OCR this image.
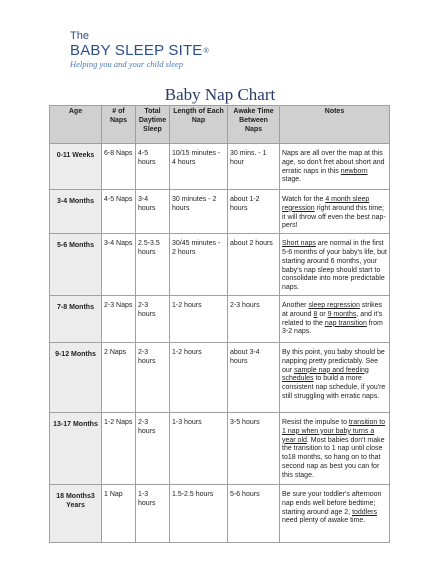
The
BABY SLEEP SITE®
Helping you and your child sleep
Baby Nap Chart
Age	# of Naps	Total Daytime Sleep	Length of Each Nap	Awake Time Between Naps	Notes
0-11 Weeks	6-8 Naps	4-5 hours	10/15 minutes - 4 hours	30 mins. - 1 hour	Naps are all over the map at this age, so don't fret about short and erratic naps in this newborn stage.
3-4 Months	4-5 Naps	3-4 hours	30 minutes - 2 hours	about 1-2 hours	Watch for the 4 month sleep regression right around this time; it will throw off even the best nap-pers!
5-6 Months	3-4 Naps	2.5-3.5 hours	30/45 minutes - 2 hours	about 2 hours	Short naps are normal in the first 5-6 months of your baby's life, but starting around 6 months, your baby's nap sleep should start to consolidate into more predictable naps.
7-8 Months	2-3 Naps	2-3 hours	1-2 hours	2-3 hours	Another sleep regression strikes at around 8 or 9 months, and it's related to the nap transition from 3-2 naps.
9-12 Months	2 Naps	2-3 hours	1-2 hours	about 3-4 hours	By this point, you baby should be napping pretty predictably. See our sample nap and feeding schedules to build a more consistent nap schedule, if you're still struggling with erratic naps.
13-17 Months	1-2 Naps	2-3 hours	1-3 hours	3-5 hours	Resist the impulse to transition to 1 nap when your baby turns a year old. Most babies don't make the transition to 1 nap until close to18 months, so hang on to that second nap as best you can for this stage.
18 Months3 Years	1 Nap	1-3 hours	1.5-2.5 hours	5-6 hours	Be sure your toddler's afternoon nap ends well before bedtime; starting around age 2, toddlers need plenty of awake time.
